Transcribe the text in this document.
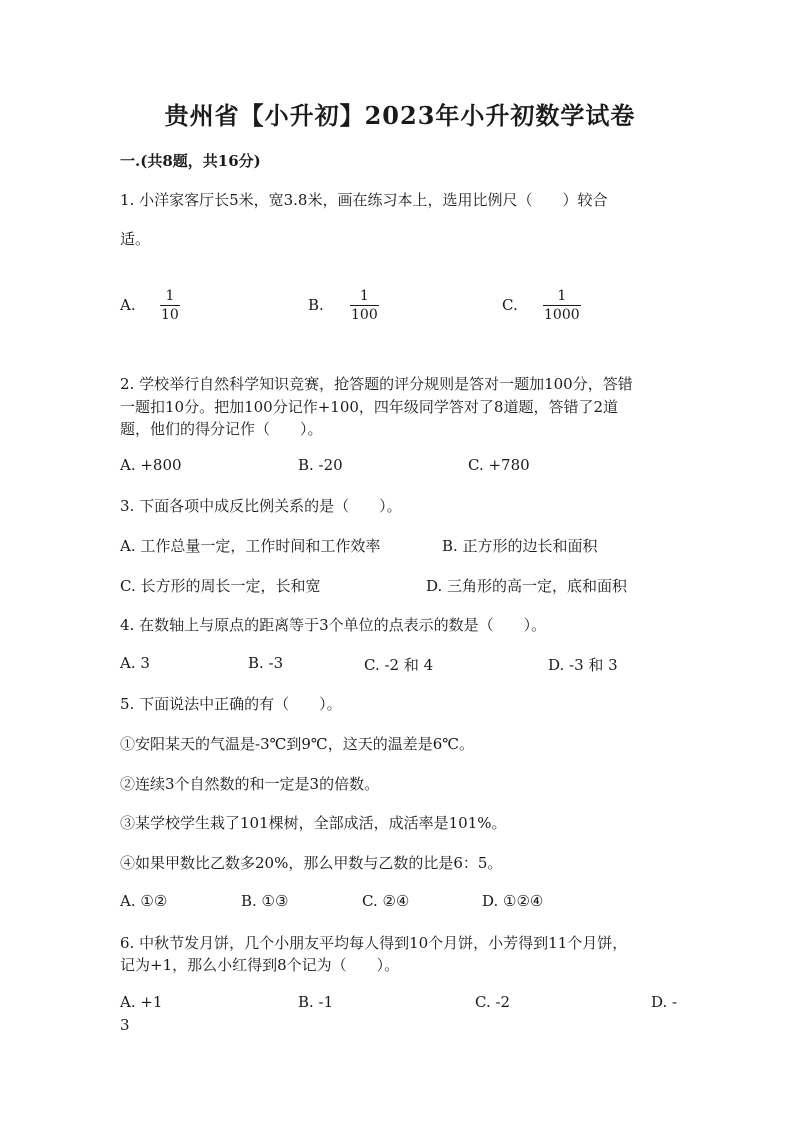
贵州省【小升初】2023年小升初数学试卷
一.(共8题，共16分)
1. 小洋家客厅长5米，宽3.8米，画在练习本上，选用比例尺（　　）较合
适。
A. 1
10
B.	1
100
C.	1
1000
2. 学校举行自然科学知识竞赛，抢答题的评分规则是答对一题加100分，答错
一题扣10分。把加100分记作+100，四年级同学答对了8道题，答错了2道
题，他们的得分记作（　　）。
A. +800	B. -20	C. +780
3. 下面各项中成反比例关系的是（　　）。
A. 工作总量一定，工作时间和工作效率	B. 正方形的边长和面积
C. 长方形的周长一定，长和宽	D. 三角形的高一定，底和面积
4. 在数轴上与原点的距离等于3个单位的点表示的数是（　　）。
A. 3	B. -3	C. -2 和 4	D. -3 和 3
5. 下面说法中正确的有（　　）。
①安阳某天的气温是-3℃到9℃，这天的温差是6℃。
②连续3个自然数的和一定是3的倍数。
③某学校学生栽了101棵树，全部成活，成活率是101%。
④如果甲数比乙数多20%，那么甲数与乙数的比是6：5。
A. ①②	B. ①③	C. ②④	D. ①②④
6. 中秋节发月饼，几个小朋友平均每人得到10个月饼，小芳得到11个月饼，
记为+1，那么小红得到8个记为（　　）。
A. +1	B. -1	C. -2	D. -
3
